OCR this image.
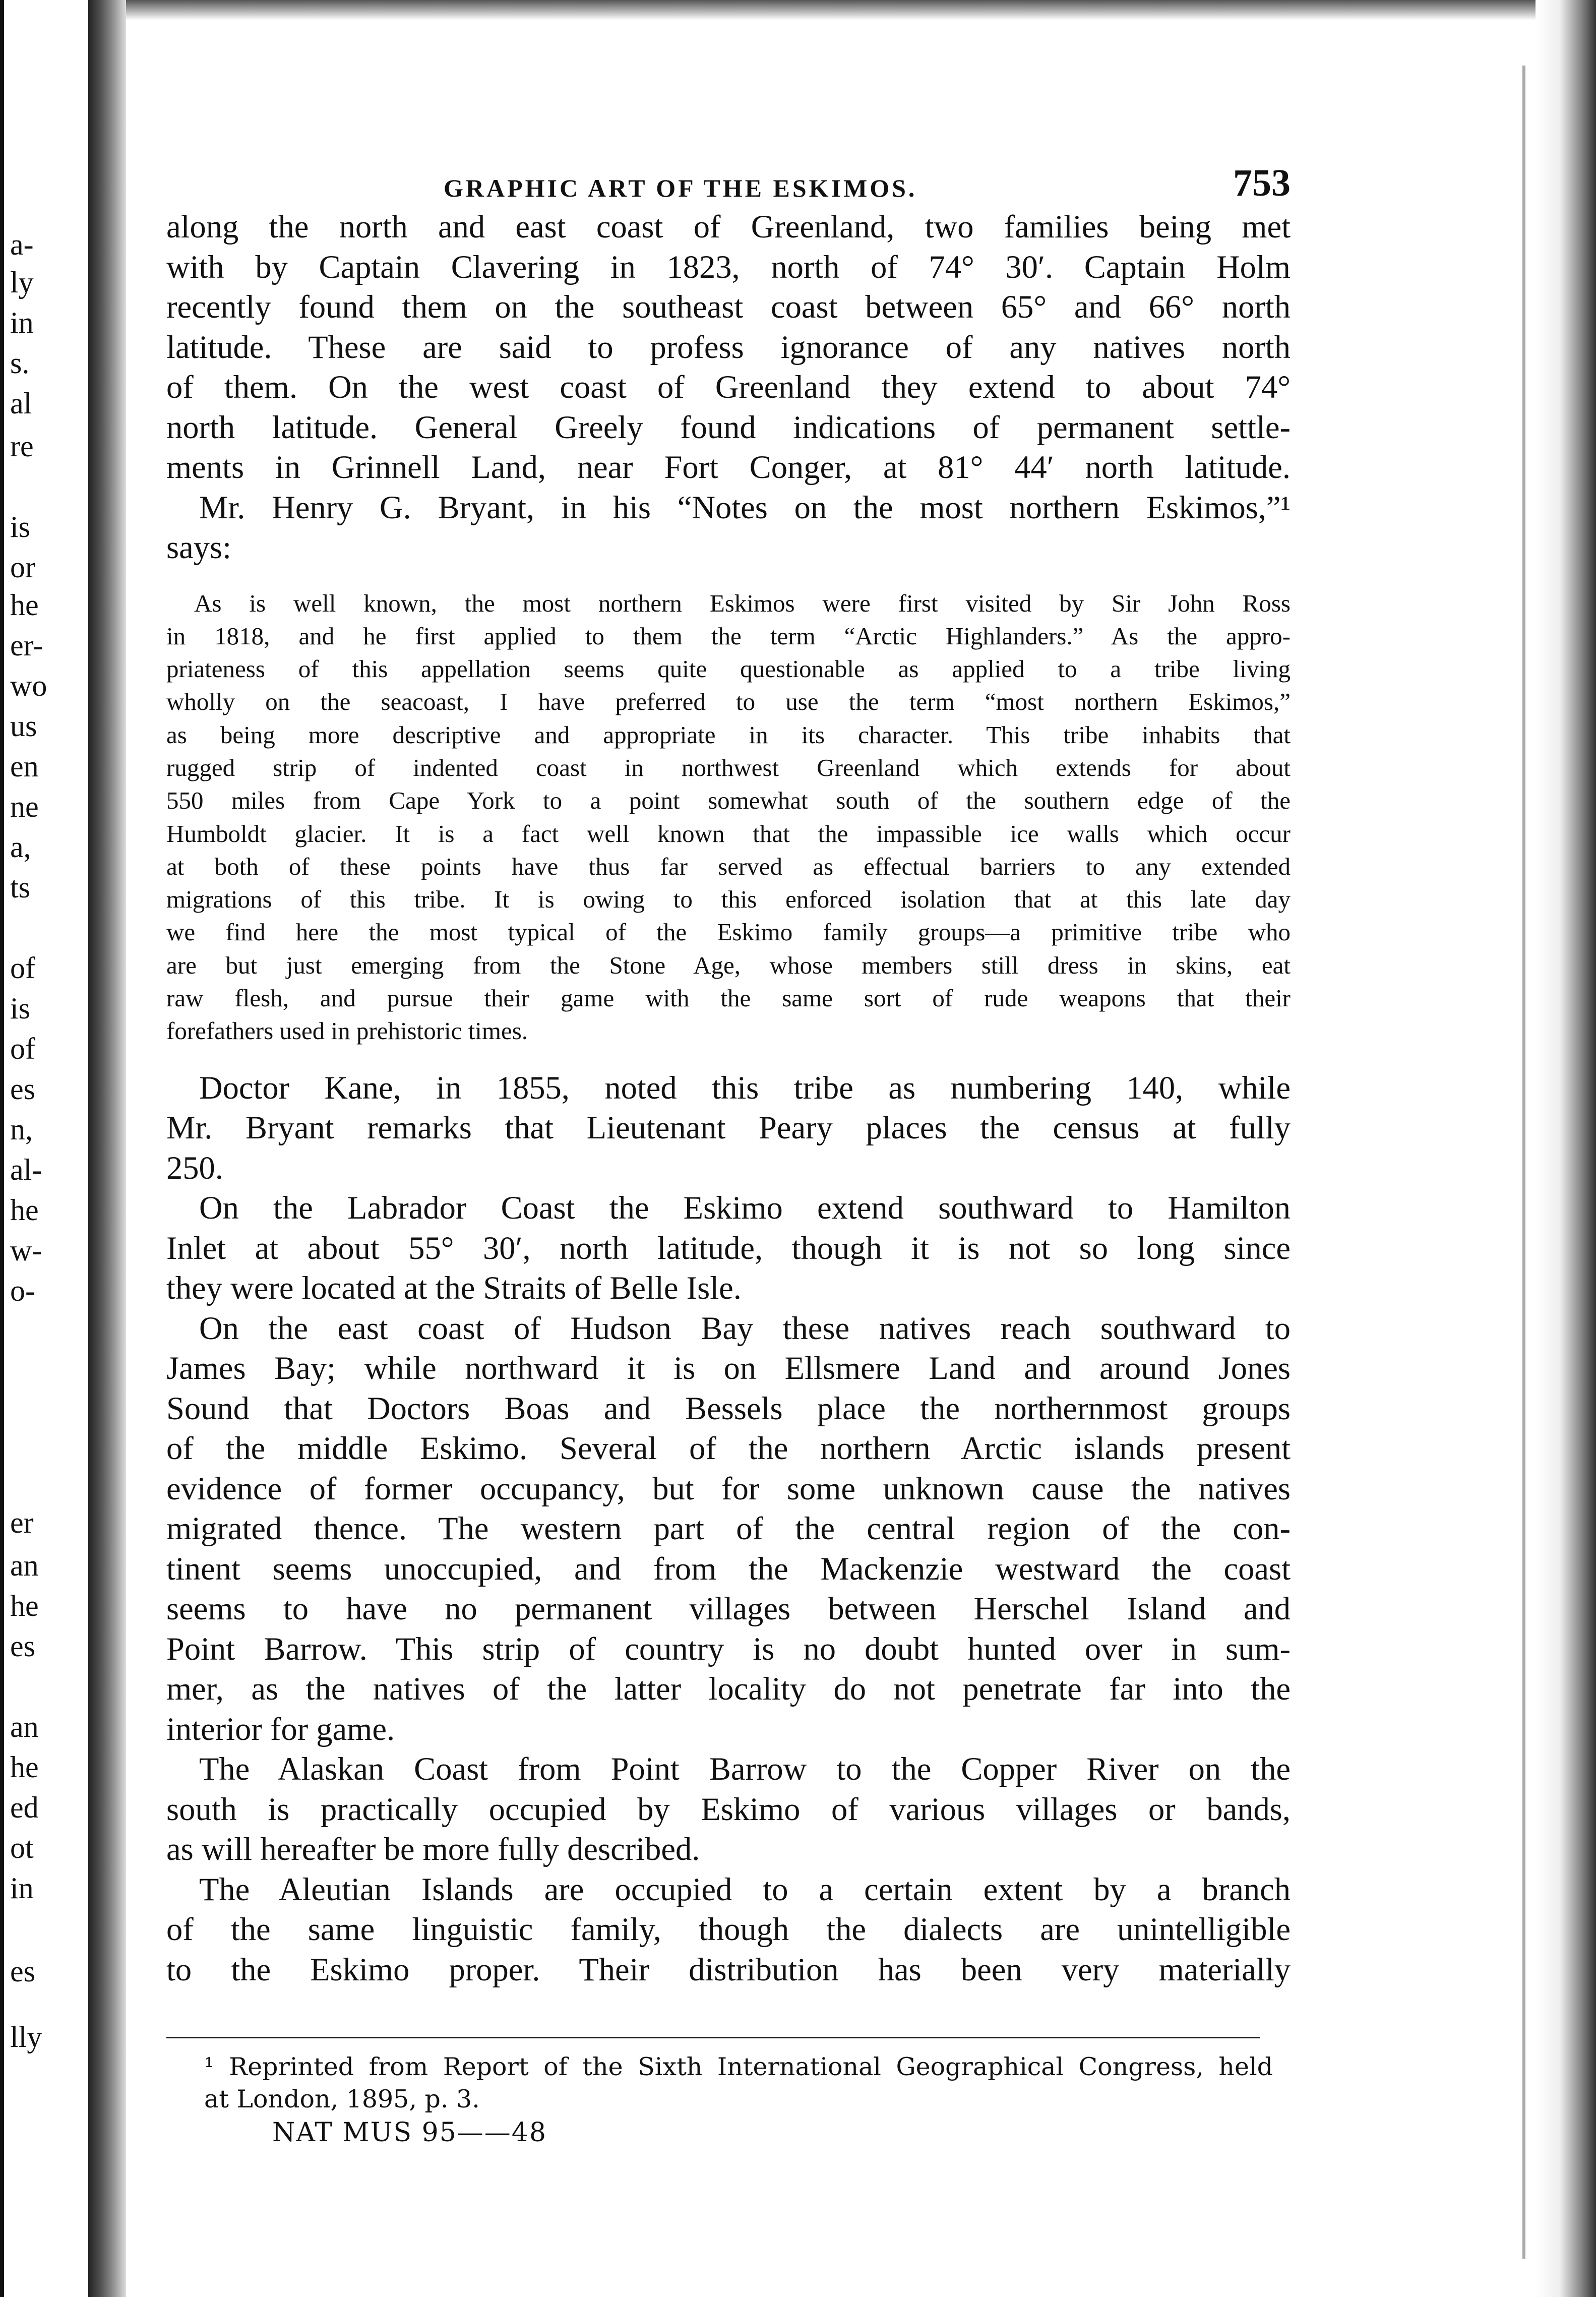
a-
ly
in
s.
al
re
is
or
he
er-
wo
us
en
ne
a,
ts
of
is
of
es
n,
al-
he
w-
o-
er
an
he
es
an
he
ed
ot
in
es
lly
GRAPHIC ART OF THE ESKIMOS.	753
along the north and east coast of Greenland, two families being met
with by Captain Clavering in 1823, north of 74° 30′. Captain Holm
recently found them on the southeast coast between 65° and 66° north
latitude. These are said to profess ignorance of any natives north
of them. On the west coast of Greenland they extend to about 74°
north latitude. General Greely found indications of permanent settle-
ments in Grinnell Land, near Fort Conger, at 81° 44′ north latitude.
Mr. Henry G. Bryant, in his “Notes on the most northern Eskimos,”¹
says:
As is well known, the most northern Eskimos were first visited by Sir John Ross
in 1818, and he first applied to them the term “Arctic Highlanders.” As the appro-
priateness of this appellation seems quite questionable as applied to a tribe living
wholly on the seacoast, I have preferred to use the term “most northern Eskimos,”
as being more descriptive and appropriate in its character. This tribe inhabits that
rugged strip of indented coast in northwest Greenland which extends for about
550 miles from Cape York to a point somewhat south of the southern edge of the
Humboldt glacier. It is a fact well known that the impassible ice walls which occur
at both of these points have thus far served as effectual barriers to any extended
migrations of this tribe. It is owing to this enforced isolation that at this late day
we find here the most typical of the Eskimo family groups—a primitive tribe who
are but just emerging from the Stone Age, whose members still dress in skins, eat
raw flesh, and pursue their game with the same sort of rude weapons that their
forefathers used in prehistoric times.
Doctor Kane, in 1855, noted this tribe as numbering 140, while
Mr. Bryant remarks that Lieutenant Peary places the census at fully
250.
On the Labrador Coast the Eskimo extend southward to Hamilton
Inlet at about 55° 30′, north latitude, though it is not so long since
they were located at the Straits of Belle Isle.
On the east coast of Hudson Bay these natives reach southward to
James Bay; while northward it is on Ellsmere Land and around Jones
Sound that Doctors Boas and Bessels place the northernmost groups
of the middle Eskimo. Several of the northern Arctic islands present
evidence of former occupancy, but for some unknown cause the natives
migrated thence. The western part of the central region of the con-
tinent seems unoccupied, and from the Mackenzie westward the coast
seems to have no permanent villages between Herschel Island and
Point Barrow. This strip of country is no doubt hunted over in sum-
mer, as the natives of the latter locality do not penetrate far into the
interior for game.
The Alaskan Coast from Point Barrow to the Copper River on the
south is practically occupied by Eskimo of various villages or bands,
as will hereafter be more fully described.
The Aleutian Islands are occupied to a certain extent by a branch
of the same linguistic family, though the dialects are unintelligible
to the Eskimo proper. Their distribution has been very materially
¹ Reprinted from Report of the Sixth International Geographical Congress, held
at London, 1895, p. 3.
NAT MUS 95——48
